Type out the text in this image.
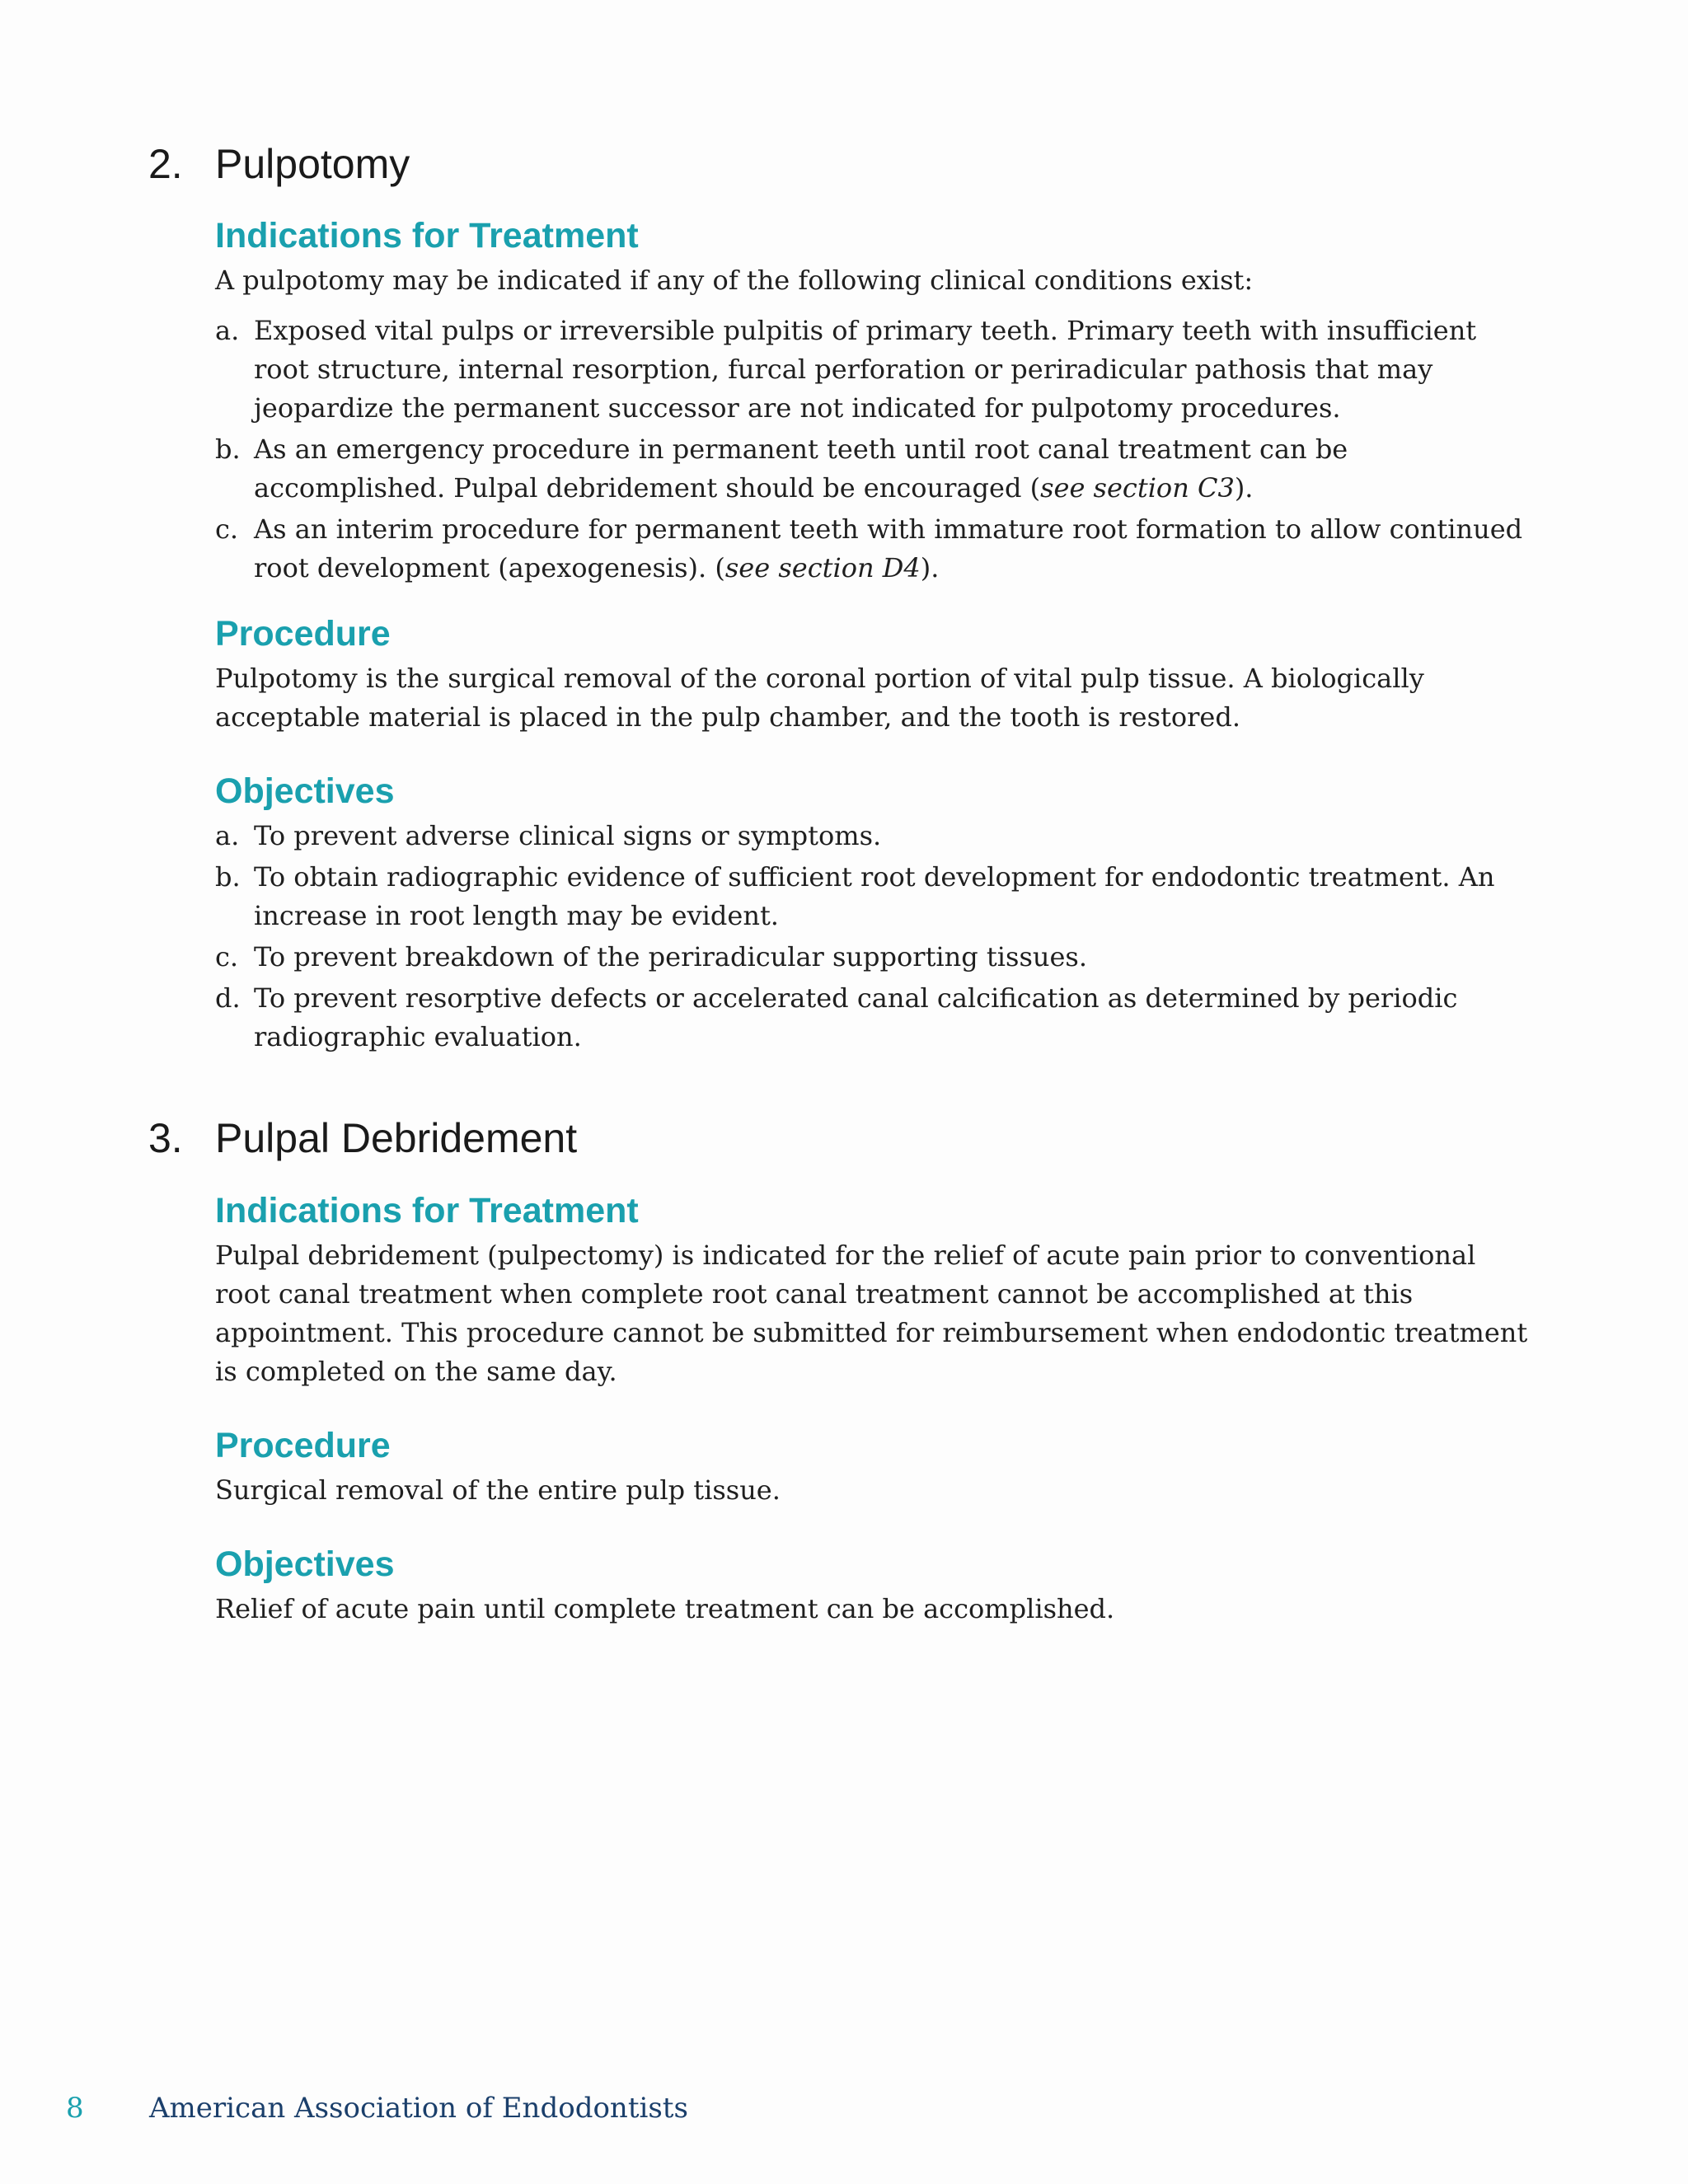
2. Pulpotomy
Indications for Treatment

A pulpotomy may be indicated if any of the following clinical conditions exist:

a. Exposed vital pulps or irreversible pulpitis of primary teeth. Primary teeth with insufficient root structure, internal resorption, furcal perforation or periradicular pathosis that may jeopardize the permanent successor are not indicated for pulpotomy procedures.
b. As an emergency procedure in permanent teeth until root canal treatment can be accomplished. Pulpal debridement should be encouraged (see section C3).
c. As an interim procedure for permanent teeth with immature root formation to allow continued root development (apexogenesis). (see section D4).
Procedure

Pulpotomy is the surgical removal of the coronal portion of vital pulp tissue. A biologically acceptable material is placed in the pulp chamber, and the tooth is restored.

Objectives
a. To prevent adverse clinical signs or symptoms.
b. To obtain radiographic evidence of sufficient root development for endodontic treatment. An increase in root length may be evident.
c. To prevent breakdown of the periradicular supporting tissues.
d. To prevent resorptive defects or accelerated canal calcification as determined by periodic radiographic evaluation.
3. Pulpal Debridement
Indications for Treatment

Pulpal debridement (pulpectomy) is indicated for the relief of acute pain prior to conventional root canal treatment when complete root canal treatment cannot be accomplished at this appointment. This procedure cannot be submitted for reimbursement when endodontic treatment is completed on the same day.

Procedure

Surgical removal of the entire pulp tissue.

Objectives

Relief of acute pain until complete treatment can be accomplished.

8 American Association of Endodontists
